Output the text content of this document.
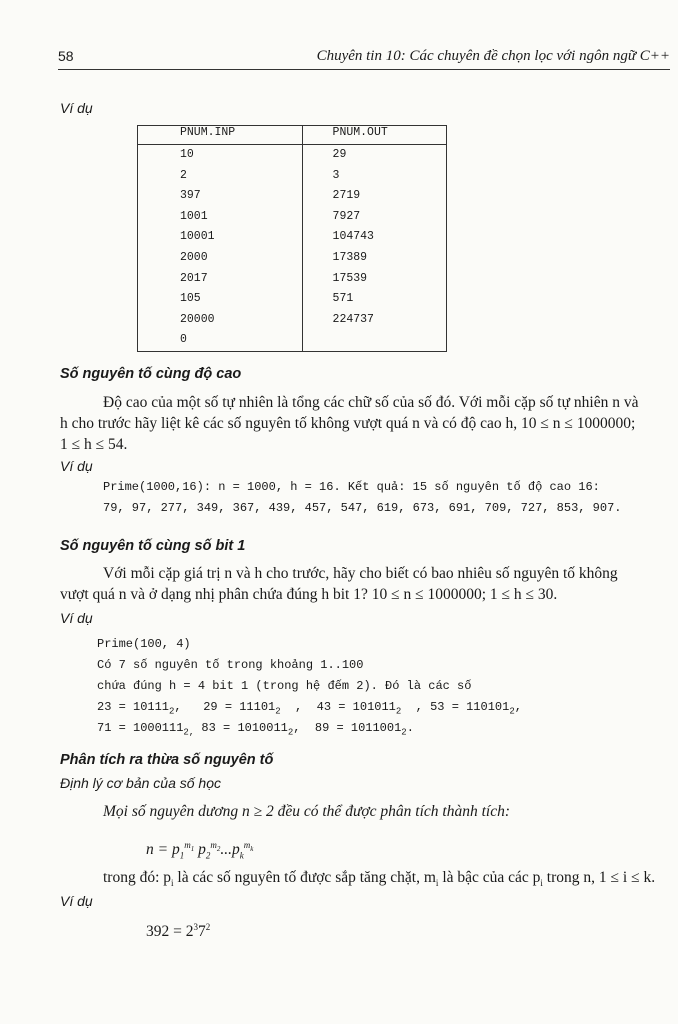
58	Chuyên tin 10: Các chuyên đề chọn lọc với ngôn ngữ C++
Ví dụ
PNUM.INP	PNUM.OUT
10	29
2	3
397	2719
1001	7927
10001	104743
2000	17389
2017	17539
105	571
20000	224737
0	
Số nguyên tố cùng độ cao
Độ cao của một số tự nhiên là tổng các chữ số của số đó. Với mỗi cặp số tự nhiên n và
h cho trước hãy liệt kê các số nguyên tố không vượt quá n và có độ cao h, 10 ≤ n ≤ 1000000;
1 ≤ h ≤ 54.
Ví dụ
Prime(1000,16): n = 1000, h = 16. Kết quả: 15 số nguyên tố độ cao 16:
79, 97, 277, 349, 367, 439, 457, 547, 619, 673, 691, 709, 727, 853, 907.
Số nguyên tố cùng số bit 1
Với mỗi cặp giá trị n và h cho trước, hãy cho biết có bao nhiêu số nguyên tố không
vượt quá n và ở dạng nhị phân chứa đúng h bit 1? 10 ≤ n ≤ 1000000; 1 ≤ h ≤ 30.
Ví dụ
Prime(100, 4)
Có 7 số nguyên tố trong khoảng 1..100
chứa đúng h = 4 bit 1 (trong hệ đếm 2). Đó là các số
$23 = 10111_2$,   $29 = 11101_2$  ,  $43 = 101011_2$  , $53 = 110101_2$,
$71 = 1000111_{2,}$ $83 = 1010011_2$,  $89 = 1011001_2$.
Phân tích ra thừa số nguyên tố
Định lý cơ bản của số học
Mọi số nguyên dương n ≥ 2 đều có thể được phân tích thành tích:
$n = p_1^{m_1}$ $p_2^{m_2}...p_k^{m_k}$
trong đó: $p_i$ là các số nguyên tố được sắp tăng chặt, $m_i$ là bậc của các $p_i$ trong n, 1 ≤ i ≤ k.
Ví dụ
$392 = 2^37^2$
